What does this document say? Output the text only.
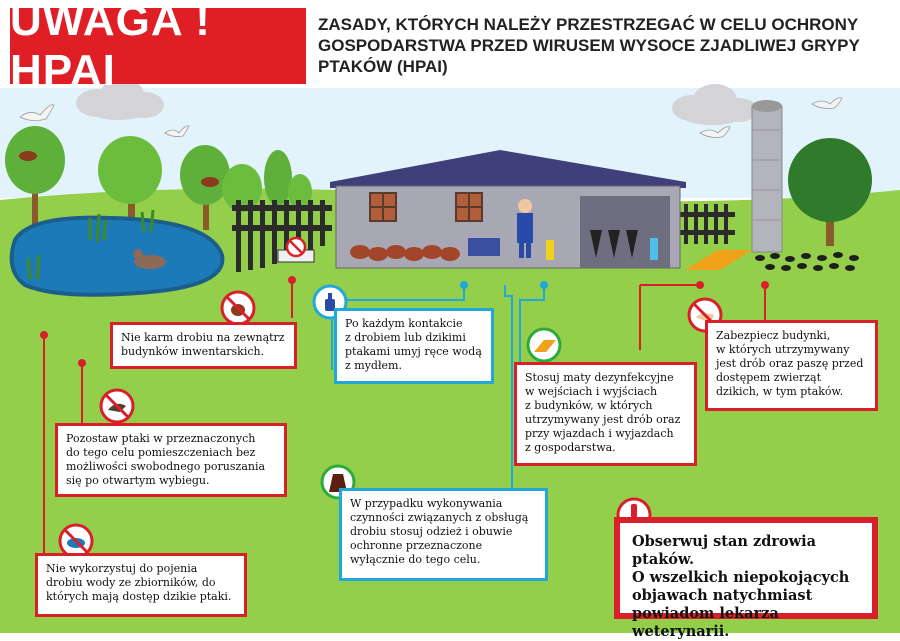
UWAGA ! HPAI
ZASADY, KTÓRYCH NALEŻY PRZESTRZEGAĆ W CELU OCHRONY GOSPODARSTWA PRZED WIRUSEM WYSOCE ZJADLIWEJ GRYPY PTAKÓW (HPAI)
Nie karm drobiu na zewnątrz
budynków inwentarskich.
Po każdym kontakcie
z drobiem lub dzikimi
ptakami umyj ręce wodą
z mydłem.
Pozostaw ptaki w przeznaczonych
do tego celu pomieszczeniach bez
możliwości swobodnego poruszania
się po otwartym wybiegu.
Stosuj maty dezynfekcyjne
w wejściach i wyjściach
z budynków, w których
utrzymywany jest drób oraz
przy wjazdach i wyjazdach
z gospodarstwa.
Zabezpiecz budynki,
w których utrzymywany
jest drób oraz paszę przed
dostępem zwierząt
dzikich, w tym ptaków.
W przypadku wykonywania
czynności związanych z obsługą
drobiu stosuj odzież i obuwie
ochronne przeznaczone
wyłącznie do tego celu.
Nie wykorzystuj do pojenia
drobiu wody ze zbiorników, do
których mają dostęp dzikie ptaki.
Obserwuj stan zdrowia ptaków.
O wszelkich niepokojących
objawach natychmiast
powiadom lekarza weterynarii.
